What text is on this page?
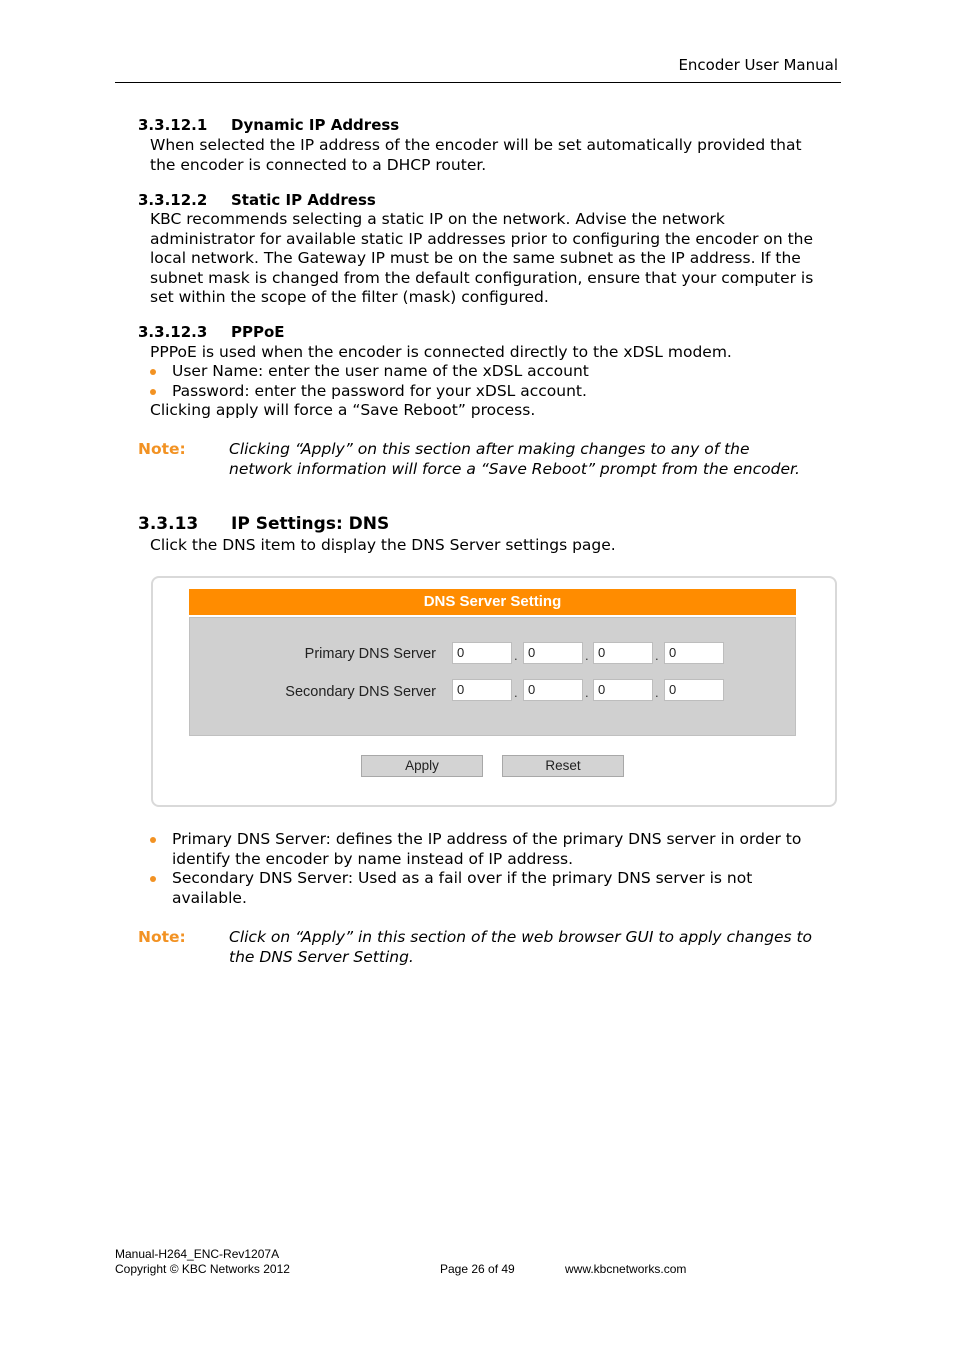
Encoder User Manual
3.3.12.1 Dynamic IP Address
When selected the IP address of the encoder will be set automatically provided that
the encoder is connected to a DHCP router.
3.3.12.2 Static IP Address
KBC recommends selecting a static IP on the network. Advise the network
administrator for available static IP addresses prior to configuring the encoder on the
local network. The Gateway IP must be on the same subnet as the IP address. If the
subnet mask is changed from the default configuration, ensure that your computer is
set within the scope of the filter (mask) configured.
3.3.12.3 PPPoE
PPPoE is used when the encoder is connected directly to the xDSL modem.
User Name: enter the user name of the xDSL account
Password: enter the password for your xDSL account.
Clicking apply will force a “Save Reboot” process.
Note:	Clicking “Apply” on this section after making changes to any of the
network information will force a “Save Reboot” prompt from the encoder.
3.3.13 IP Settings: DNS
Click the DNS item to display the DNS Server settings page.
DNS Server Setting
Primary DNS Server	0	. 0	. 0	. 0
Secondary DNS Server	0	. 0	. 0	. 0
Apply	Reset
Primary DNS Server: defines the IP address of the primary DNS server in order to
identify the encoder by name instead of IP address.
Secondary DNS Server: Used as a fail over if the primary DNS server is not
available.
Note:	Click on “Apply” in this section of the web browser GUI to apply changes to
the DNS Server Setting.
Manual-H264_ENC-Rev1207A
Copyright © KBC Networks 2012	Page 26 of 49	www.kbcnetworks.com
